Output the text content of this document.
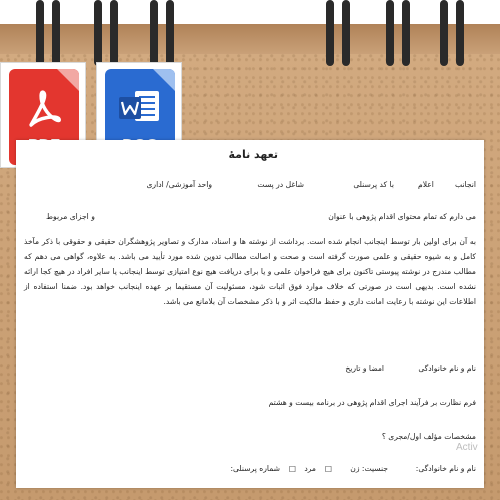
تعهد نامۀ
انجانب
با کد پرسنلی
شاغل در پست
واحد آموزشی/ اداری	اعلام
می دارم که تمام محتوای اقدام پژوهی با عنوان
و اجزای مربوط
به آن برای اولین بار توسط اینجانب انجام شده است. برداشت از نوشته ها و اسناد، مدارک و تصاویر پژوهشگران حقیقی و حقوقی با ذکر مآخذ کامل و به شیوه حقیقی و علمی صورت گرفته است و صحت و اصالت مطالب تدوین شده مورد تأیید می باشد. به علاوه، گواهی می دهم که مطالب مندرج در نوشته پیوستی تاکنون برای هیچ فراخوان علمی و یا برای دریافت هیچ نوع امتیازی توسط اینجانب یا سایر افراد در هیچ کجا ارائه نشده است. بدیهی است در صورتی که خلاف موارد فوق اثبات شود، مسئولیت آن مستقیما بر عهده اینجانب خواهد بود. ضمنا استفاده از اطلاعات این نوشته با رعایت امانت داری و حفظ مالکیت اثر و با ذکر مشخصات آن بلامانع می باشد.
نام و نام خانوادگی
امضا و تاریخ
فرم نظارت بر فرآیند اجرای اقدام پژوهی در برنامه بیست و هشتم
مشخصات مؤلف اول/مجری ؟
نام و نام خانوادگی:
جنسیت: زن
□
مرد
□
شماره پرسنلی:
Activ
